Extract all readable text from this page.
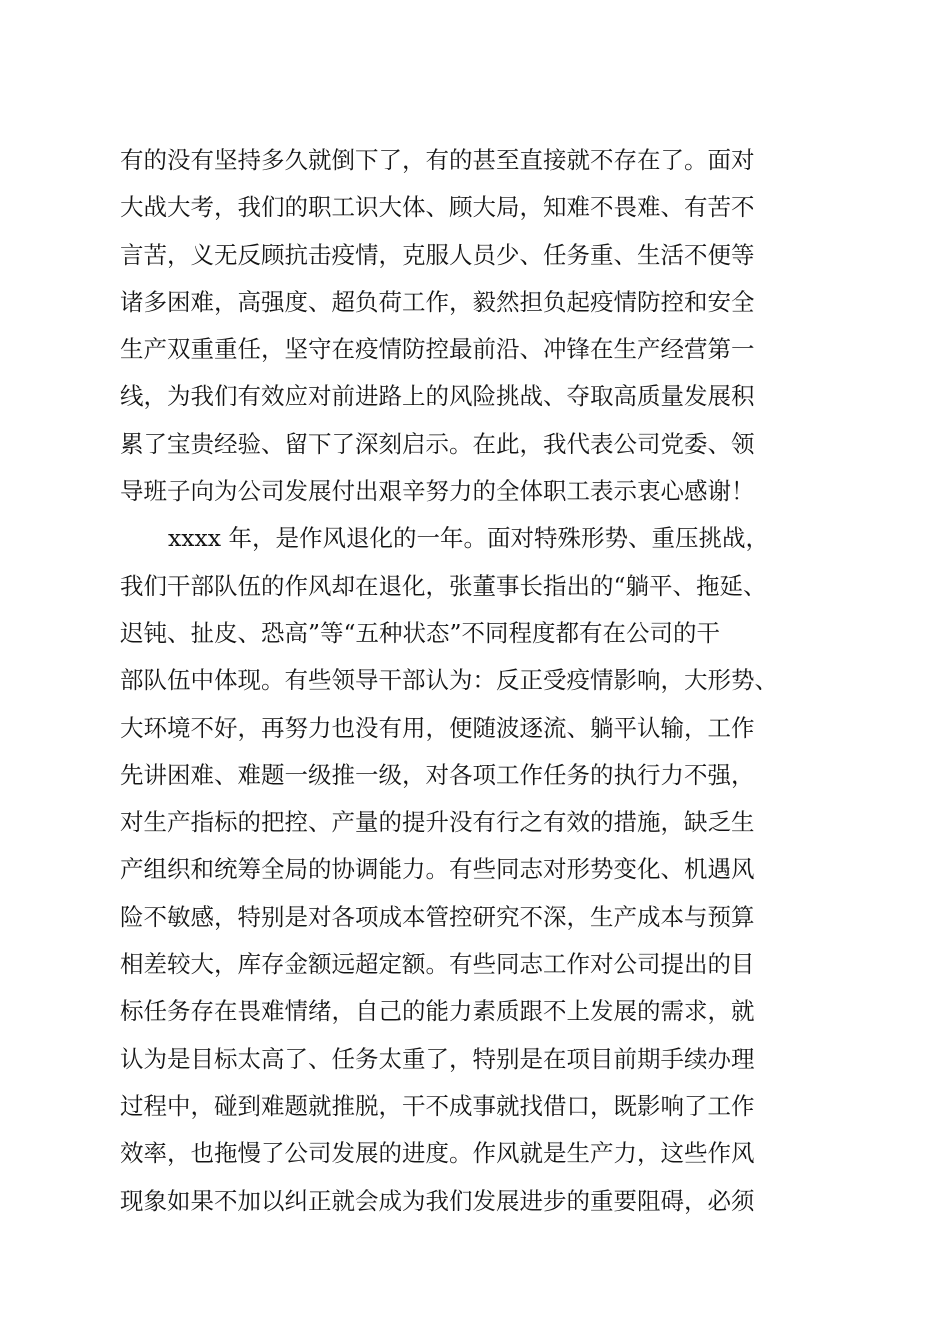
有的没有坚持多久就倒下了，有的甚至直接就不存在了。面对
大战大考，我们的职工识大体、顾大局，知难不畏难、有苦不
言苦，义无反顾抗击疫情，克服人员少、任务重、生活不便等
诸多困难，高强度、超负荷工作，毅然担负起疫情防控和安全
生产双重重任，坚守在疫情防控最前沿、冲锋在生产经营第一
线，为我们有效应对前进路上的风险挑战、夺取高质量发展积
累了宝贵经验、留下了深刻启示。在此，我代表公司党委、领
导班子向为公司发展付出艰辛努力的全体职工表示衷心感谢！
xxxx 年，是作风退化的一年。面对特殊形势、重压挑战，
我们干部队伍的作风却在退化，张董事长指出的“躺平、拖延、
迟钝、扯皮、恐高”等“五种状态”不同程度都有在公司的干
部队伍中体现。有些领导干部认为：反正受疫情影响，大形势、
大环境不好，再努力也没有用，便随波逐流、躺平认输，工作
先讲困难、难题一级推一级，对各项工作任务的执行力不强，
对生产指标的把控、产量的提升没有行之有效的措施，缺乏生
产组织和统筹全局的协调能力。有些同志对形势变化、机遇风
险不敏感，特别是对各项成本管控研究不深，生产成本与预算
相差较大，库存金额远超定额。有些同志工作对公司提出的目
标任务存在畏难情绪，自己的能力素质跟不上发展的需求，就
认为是目标太高了、任务太重了，特别是在项目前期手续办理
过程中，碰到难题就推脱，干不成事就找借口，既影响了工作
效率，也拖慢了公司发展的进度。作风就是生产力，这些作风
现象如果不加以纠正就会成为我们发展进步的重要阻碍，必须
